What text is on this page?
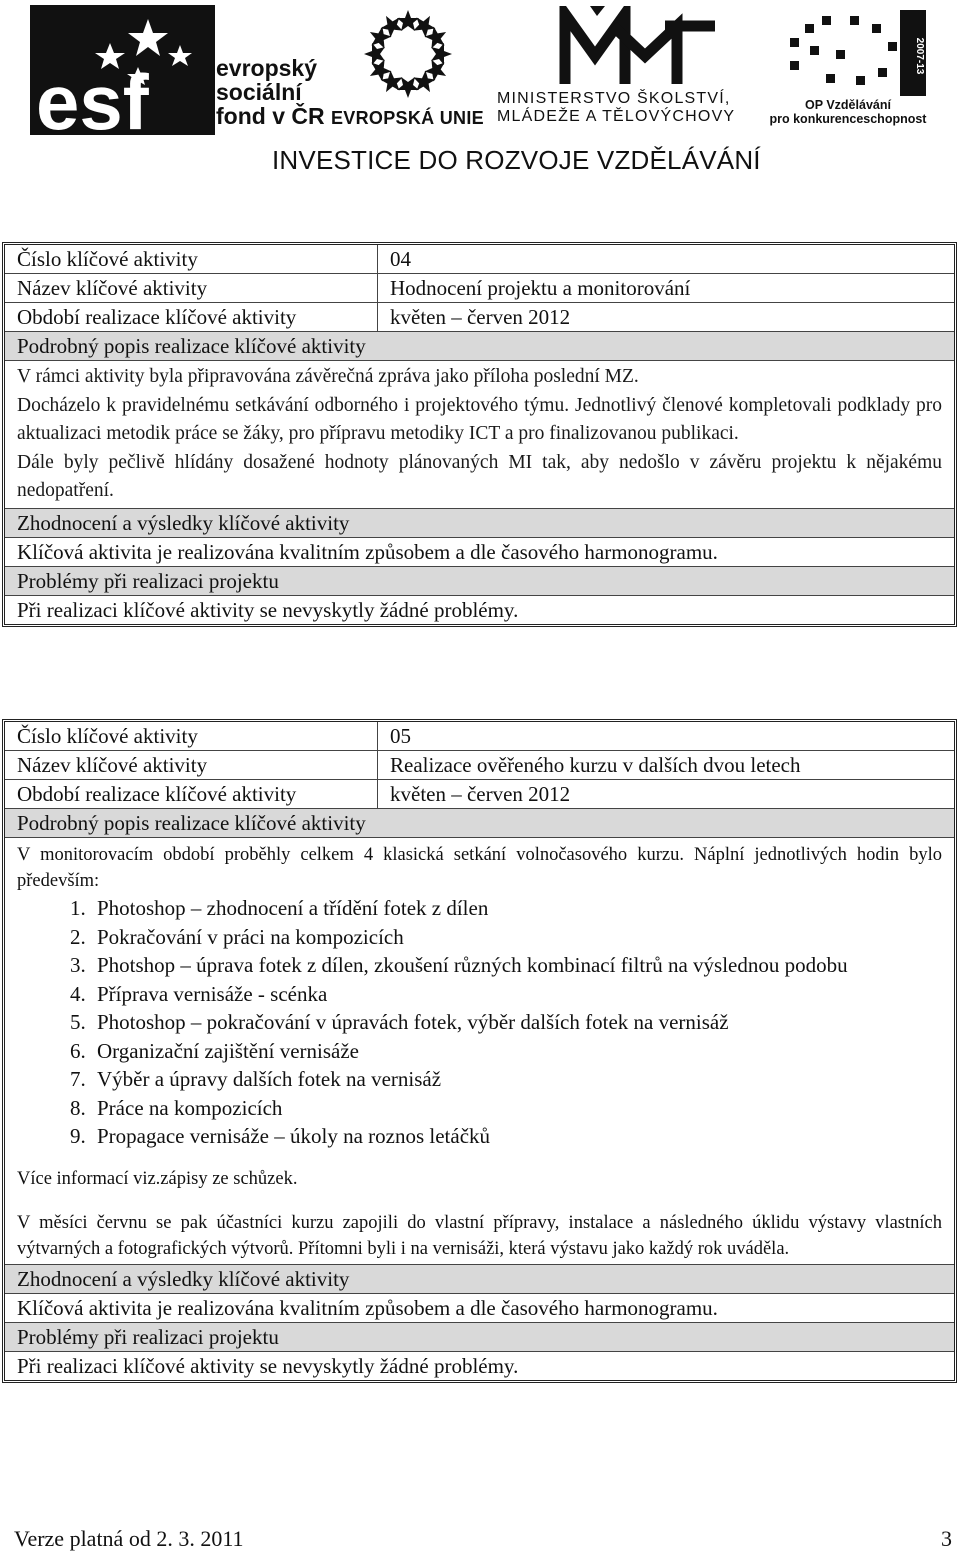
esf	evropský
sociální
fond v ČR EVROPSKÁ UNIE
MINISTERSTVO ŠKOLSTVÍ,
MLÁDEŽE A TĚLOVÝCHOVY
2007-13
OP Vzdělávání
pro konkurenceschopnost
INVESTICE DO ROZVOJE VZDĚLÁVÁNÍ
Číslo klíčové aktivity	04
Název klíčové aktivity	Hodnocení projektu a monitorování
Období realizace klíčové aktivity	květen – červen 2012
Podrobný popis realizace klíčové aktivity

V rámci aktivity byla připravována závěrečná zpráva jako příloha poslední MZ.

Docházelo k pravidelnému setkávání odborného i projektového týmu. Jednotlivý členové kompletovali podklady pro aktualizaci metodik práce se žáky, pro přípravu metodiky ICT a pro finalizovanou publikaci.

Dále byly pečlivě hlídány dosažené hodnoty plánovaných MI tak, aby nedošlo v závěru projektu k nějakému nedopatření.

Zhodnocení a výsledky klíčové aktivity
Klíčová aktivita je realizována kvalitním způsobem a dle časového harmonogramu.
Problémy při realizaci projektu
Při realizaci klíčové aktivity se nevyskytly žádné problémy.
Číslo klíčové aktivity	05
Název klíčové aktivity	Realizace ověřeného kurzu v dalších dvou letech
Období realizace klíčové aktivity	květen – červen 2012
Podrobný popis realizace klíčové aktivity

V monitorovacím období proběhly celkem 4 klasická setkání volnočasového kurzu. Náplní jednotlivých hodin bylo především:

1. Photoshop – zhodnocení a třídění fotek z dílen
2. Pokračování v práci na kompozicích
3. Photshop – úprava fotek z dílen, zkoušení různých kombinací filtrů na výslednou podobu
4. Příprava vernisáže - scénka
5. Photoshop – pokračování v úpravách fotek, výběr dalších fotek na vernisáž
6. Organizační zajištění vernisáže
7. Výběr a úpravy dalších fotek na vernisáž
8. Práce na kompozicích
9. Propagace vernisáže – úkoly na roznos letáčků

Více informací viz.zápisy ze schůzek.

V měsíci červnu se pak účastníci kurzu zapojili do vlastní přípravy, instalace a následného úklidu výstavy vlastních výtvarných a fotografických výtvorů. Přítomni byli i na vernisáži, která výstavu jako každý rok uváděla.

Zhodnocení a výsledky klíčové aktivity
Klíčová aktivita je realizována kvalitním způsobem a dle časového harmonogramu.
Problémy při realizaci projektu
Při realizaci klíčové aktivity se nevyskytly žádné problémy.
Verze platná od 2. 3. 2011	3
